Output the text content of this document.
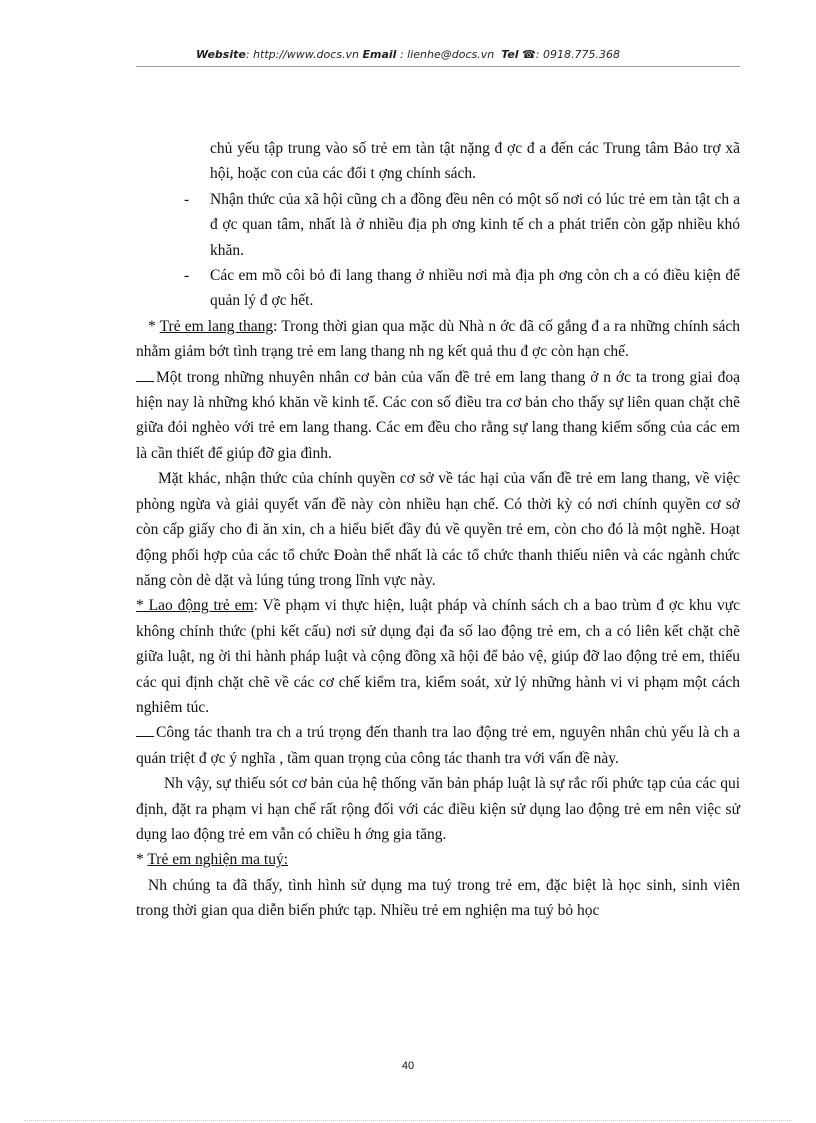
Website: http://www.docs.vn Email : lienhe@docs.vn Tel ☎: 0918.775.368

chủ yếu tập trung vào số trẻ em tàn tật nặng đ ợc đ a đến các Trung tâm Bảo trợ xã hội, hoặc con của các đối t ợng chính sách.

- Nhận thức của xã hội cũng ch a đồng đều nên có một số nơi có lúc trẻ em tàn tật ch a đ ợc quan tâm, nhất là ở nhiều địa ph ơng kinh tế ch a phát triển còn gặp nhiều khó khăn.

- Các em mồ côi bỏ đi lang thang ở nhiều nơi mà địa ph ơng còn ch a có điều kiện để quản lý đ ợc hết.

* Trẻ em lang thang: Trong thời gian qua mặc dù Nhà n ớc đã cố gắng đ a ra những chính sách nhằm giảm bớt tình trạng trẻ em lang thang nh ng kết quả thu đ ợc còn hạn chế.

Một trong những nhuyên nhân cơ bản của vấn đề trẻ em lang thang ở n ớc ta trong giai đoạ hiện nay là những khó khăn về kinh tế. Các con số điều tra cơ bản cho thấy sự liên quan chặt chẽ giữa đói nghèo với trẻ em lang thang. Các em đều cho rằng sự lang thang kiếm sống của các em là cần thiết để giúp đỡ gia đình.

Mặt khác, nhận thức của chính quyền cơ sở về tác hại của vấn đề trẻ em lang thang, về việc phòng ngừa và giải quyết vấn đề này còn nhiều hạn chế. Có thời kỳ có nơi chính quyền cơ sở còn cấp giấy cho đi ăn xin, ch a hiểu biết đầy đủ về quyền trẻ em, còn cho đó là một nghề. Hoạt động phối hợp của các tổ chức Đoàn thể nhất là các tổ chức thanh thiếu niên và các ngành chức năng còn dè dặt và lúng túng trong lĩnh vực này.

* Lao động trẻ em: Về phạm vi thực hiện, luật pháp và chính sách ch a bao trùm đ ợc khu vực không chính thức (phi kết cấu) nơi sử dụng đại đa số lao động trẻ em, ch a có liên kết chặt chẽ giữa luật, ng ời thi hành pháp luật và cộng đồng xã hội để bảo vệ, giúp đỡ lao động trẻ em, thiếu các qui định chặt chẽ về các cơ chế kiểm tra, kiểm soát, xử lý những hành vi vi phạm một cách nghiêm túc.

Công tác thanh tra ch a trú trọng đến thanh tra lao động trẻ em, nguyên nhân chủ yếu là ch a quán triệt đ ợc ý nghĩa , tầm quan trọng của công tác thanh tra với vấn đề này.

Nh vậy, sự thiếu sót cơ bản của hệ thống văn bản pháp luật là sự rắc rối phức tạp của các qui định, đặt ra phạm vi hạn chế rất rộng đối với các điều kiện sử dụng lao động trẻ em nên việc sử dụng lao động trẻ em vẫn có chiều h ớng gia tăng.

* Trẻ em nghiện ma tuý:

Nh chúng ta đã thấy, tình hình sử dụng ma tuý trong trẻ em, đặc biệt là học sinh, sinh viên trong thời gian qua diễn biến phức tạp. Nhiều trẻ em nghiện ma tuý bỏ học

40
